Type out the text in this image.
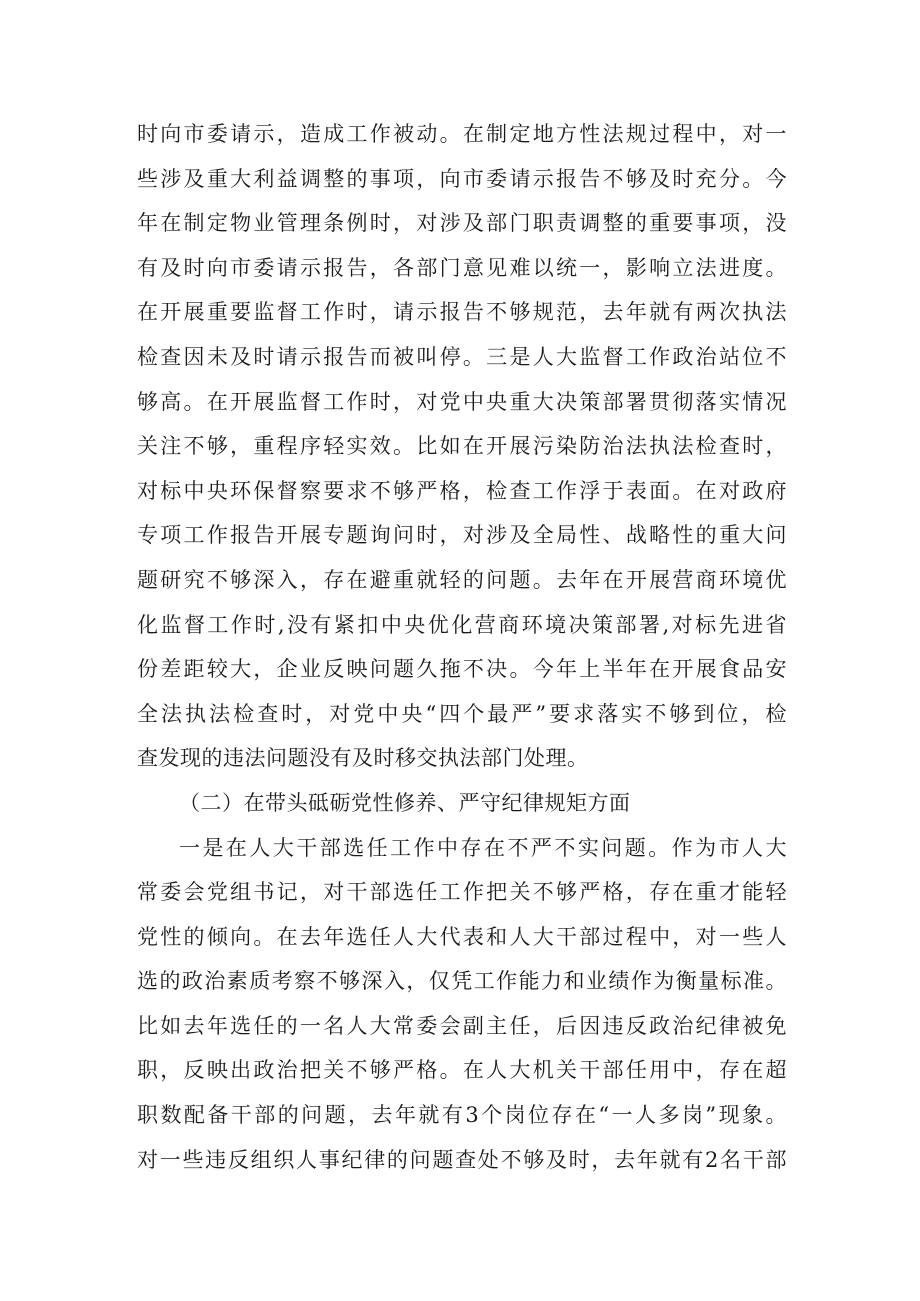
时向市委请示，造成工作被动。在制定地方性法规过程中，对一
些涉及重大利益调整的事项，向市委请示报告不够及时充分。今
年在制定物业管理条例时，对涉及部门职责调整的重要事项，没
有及时向市委请示报告，各部门意见难以统一，影响立法进度。
在开展重要监督工作时，请示报告不够规范，去年就有两次执法
检查因未及时请示报告而被叫停。三是人大监督工作政治站位不
够高。在开展监督工作时，对党中央重大决策部署贯彻落实情况
关注不够，重程序轻实效。比如在开展污染防治法执法检查时，
对标中央环保督察要求不够严格，检查工作浮于表面。在对政府
专项工作报告开展专题询问时，对涉及全局性、战略性的重大问
题研究不够深入，存在避重就轻的问题。去年在开展营商环境优
化监督工作时,没有紧扣中央优化营商环境决策部署,对标先进省
份差距较大，企业反映问题久拖不决。今年上半年在开展食品安
全法执法检查时，对党中央“四个最严”要求落实不够到位，检
查发现的违法问题没有及时移交执法部门处理。
（二）在带头砥砺党性修养、严守纪律规矩方面
一是在人大干部选任工作中存在不严不实问题。作为市人大
常委会党组书记，对干部选任工作把关不够严格，存在重才能轻
党性的倾向。在去年选任人大代表和人大干部过程中，对一些人
选的政治素质考察不够深入，仅凭工作能力和业绩作为衡量标准。
比如去年选任的一名人大常委会副主任，后因违反政治纪律被免
职，反映出政治把关不够严格。在人大机关干部任用中，存在超
职数配备干部的问题，去年就有3个岗位存在“一人多岗”现象。
对一些违反组织人事纪律的问题查处不够及时，去年就有2名干部
